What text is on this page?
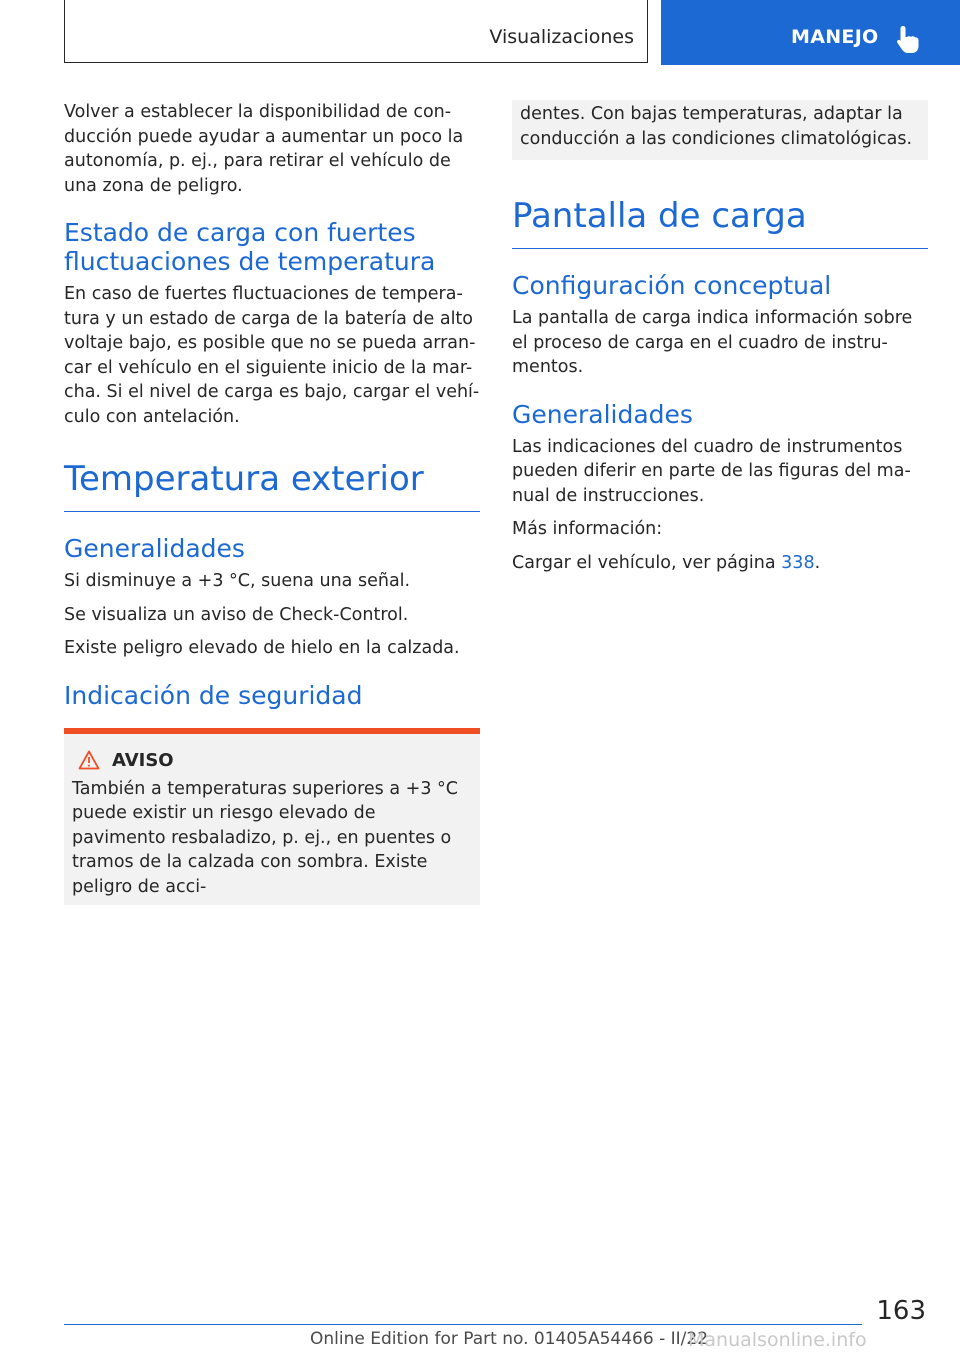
Visualizaciones	MANEJO

Volver a establecer la disponibilidad de con-ducción puede ayudar a aumentar un poco la autonomía, p. ej., para retirar el vehículo de una zona de peligro.

Estado de carga con fuertes fluctuaciones de temperatura

En caso de fuertes fluctuaciones de tempera-tura y un estado de carga de la batería de alto voltaje bajo, es posible que no se pueda arran-car el vehículo en el siguiente inicio de la mar-cha. Si el nivel de carga es bajo, cargar el vehí-culo con antelación.

Temperatura exterior
Generalidades

Si disminuye a +3 °C, suena una señal.

Se visualiza un aviso de Check-Control.

Existe peligro elevado de hielo en la calzada.

Indicación de seguridad
AVISO

También a temperaturas superiores a +3 °C puede existir un riesgo elevado de pavimento resbaladizo, p. ej., en puentes o tramos de la calzada con sombra. Existe peligro de acci-

dentes. Con bajas temperaturas, adaptar la conducción a las condiciones climatológicas.

Pantalla de carga
Configuración conceptual

La pantalla de carga indica información sobre el proceso de carga en el cuadro de instru-mentos.

Generalidades

Las indicaciones del cuadro de instrumentos pueden diferir en parte de las figuras del ma-nual de instrucciones.

Más información:

Cargar el vehículo, ver página 338.

163
Online Edition for Part no. 01405A54466 - II/22
Manualsonline.info
